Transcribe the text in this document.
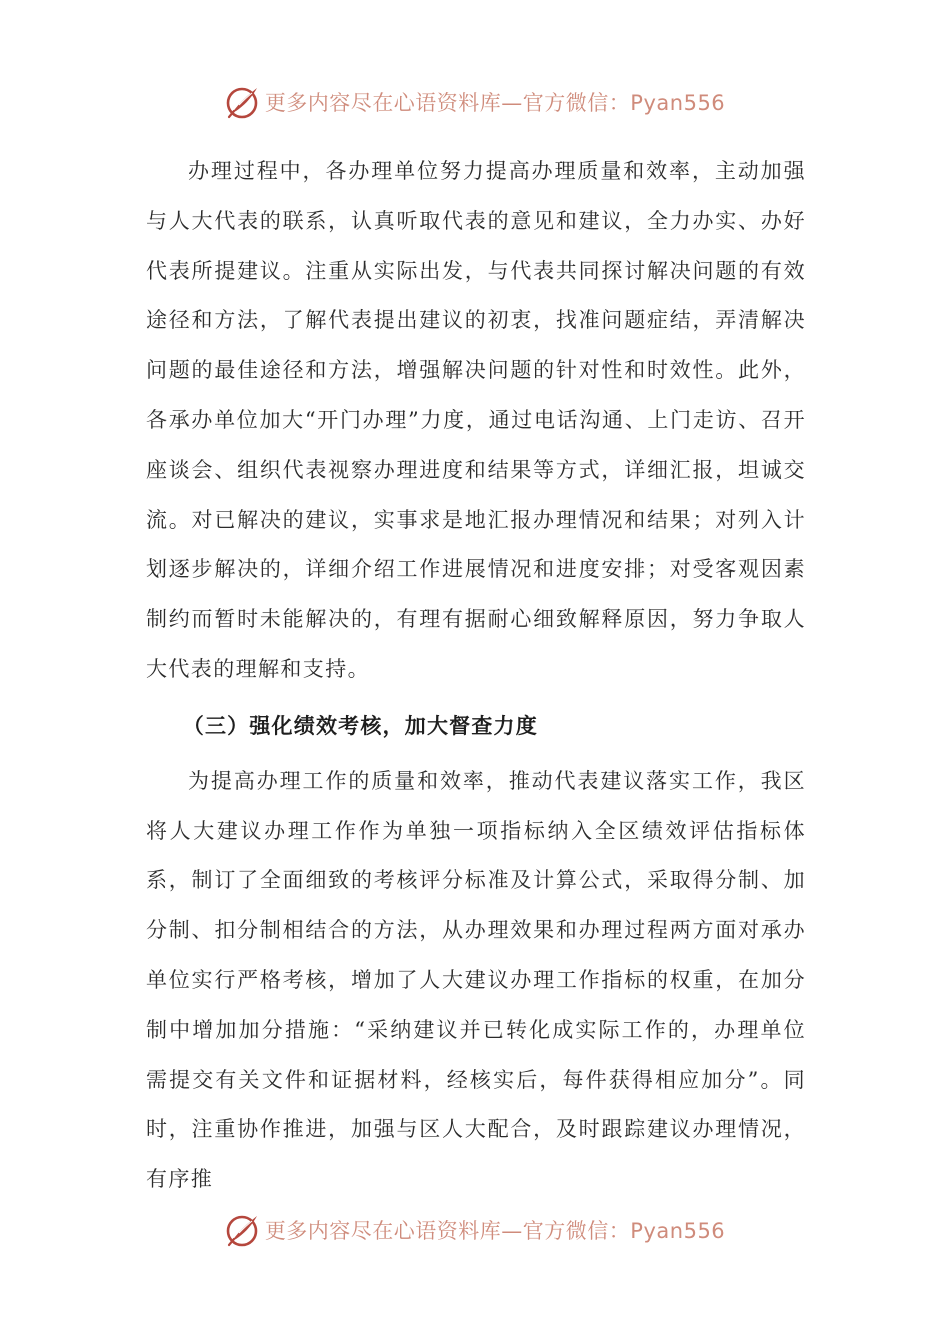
更多内容尽在心语资料库—官方微信：Pyan556

办理过程中，各办理单位努力提高办理质量和效率，主动加强与人大代表的联系，认真听取代表的意见和建议，全力办实、办好代表所提建议。注重从实际出发，与代表共同探讨解决问题的有效途径和方法，了解代表提出建议的初衷，找准问题症结，弄清解决问题的最佳途径和方法，增强解决问题的针对性和时效性。此外，各承办单位加大“开门办理”力度，通过电话沟通、上门走访、召开座谈会、组织代表视察办理进度和结果等方式，详细汇报，坦诚交流。对已解决的建议，实事求是地汇报办理情况和结果；对列入计划逐步解决的，详细介绍工作进展情况和进度安排；对受客观因素制约而暂时未能解决的，有理有据耐心细致解释原因，努力争取人大代表的理解和支持。

（三）强化绩效考核，加大督查力度

为提高办理工作的质量和效率，推动代表建议落实工作，我区将人大建议办理工作作为单独一项指标纳入全区绩效评估指标体系，制订了全面细致的考核评分标准及计算公式，采取得分制、加分制、扣分制相结合的方法，从办理效果和办理过程两方面对承办单位实行严格考核，增加了人大建议办理工作指标的权重，在加分制中增加加分措施：“采纳建议并已转化成实际工作的，办理单位需提交有关文件和证据材料，经核实后，每件获得相应加分”。同时，注重协作推进，加强与区人大配合，及时跟踪建议办理情况，有序推

更多内容尽在心语资料库—官方微信：Pyan556
